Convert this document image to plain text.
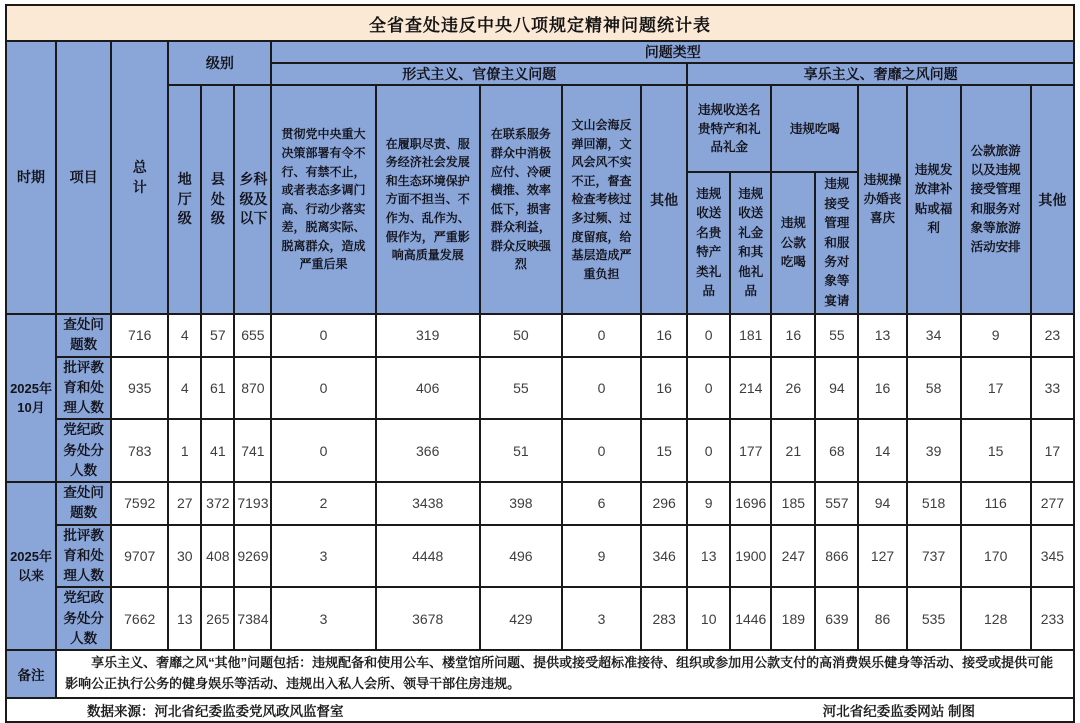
全省查处违反中央八项规定精神问题统计表																		
时期	项目	总计	级别			问题类型												
						形式主义、官僚主义问题					享乐主义、奢靡之风问题							
			地厅级	县处级	乡科级及以下	贯彻党中央重大决策部署有令不行、有禁不止，或者表态多调门高、行动少落实差，脱离实际、脱离群众，造成严重后果	在履职尽责、服务经济社会发展和生态环境保护方面不担当、不作为、乱作为、假作为，严重影响高质量发展	在联系服务群众中消极应付、冷硬横推、效率低下，损害群众利益，群众反映强烈	文山会海反弹回潮，文风会风不实不正，督查检查考核过多过频、过度留痕，给基层造成严重负担	其他	违规收送名贵特产和礼品礼金		违规吃喝		违规操办婚丧喜庆	违规发放津补贴或福利	公款旅游以及违规接受管理和服务对象等旅游活动安排	其他
											违规收送名贵特产类礼品	违规收送礼金和其他礼品	违规公款吃喝	违规接受管理和服务对象等宴请				
2025年10月	查处问题数	716	4	57	655	0	319	50	0	16	0	181	16	55	13	34	9	23
	批评教育和处理人数	935	4	61	870	0	406	55	0	16	0	214	26	94	16	58	17	33
	党纪政务处分人数	783	1	41	741	0	366	51	0	15	0	177	21	68	14	39	15	17
2025年以来	查处问题数	7592	27	372	7193	2	3438	398	6	296	9	1696	185	557	94	518	116	277
	批评教育和处理人数	9707	30	408	9269	3	4448	496	9	346	13	1900	247	866	127	737	170	345
	党纪政务处分人数	7662	13	265	7384	3	3678	429	3	283	10	1446	189	639	86	535	128	233
备注	享乐主义、奢靡之风“其他”问题包括：违规配备和使用公车、楼堂馆所问题、提供或接受超标准接待、组织或参加用公款支付的高消费娱乐健身等活动、接受或提供可能影响公正执行公务的健身娱乐等活动、违规出入私人会所、领导干部住房违规。																	

数据来源：河北省纪委监委党风政风监督室 河北省纪委监委网站 制图																		
